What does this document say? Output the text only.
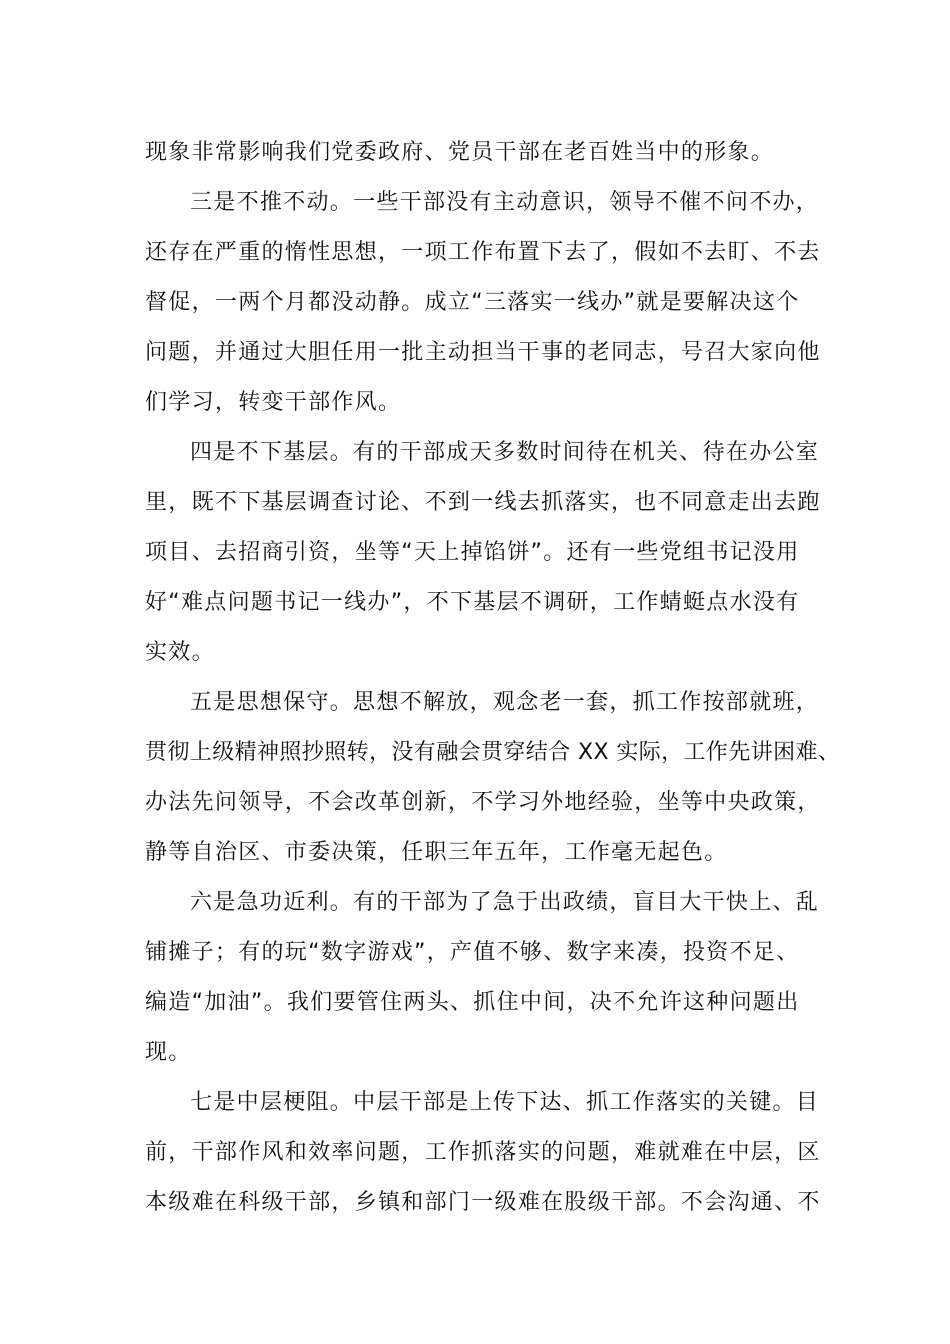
现象非常影响我们党委政府、党员干部在老百姓当中的形象。
三是不推不动。一些干部没有主动意识，领导不催不问不办，
还存在严重的惰性思想，一项工作布置下去了，假如不去盯、不去
督促，一两个月都没动静。成立“三落实一线办”就是要解决这个
问题，并通过大胆任用一批主动担当干事的老同志，号召大家向他
们学习，转变干部作风。
四是不下基层。有的干部成天多数时间待在机关、待在办公室
里，既不下基层调查讨论、不到一线去抓落实，也不同意走出去跑
项目、去招商引资，坐等“天上掉馅饼”。还有一些党组书记没用
好“难点问题书记一线办”，不下基层不调研，工作蜻蜓点水没有
实效。
五是思想保守。思想不解放，观念老一套，抓工作按部就班，
贯彻上级精神照抄照转，没有融会贯穿结合 XX 实际，工作先讲困难、
办法先问领导，不会改革创新，不学习外地经验，坐等中央政策，
静等自治区、市委决策，任职三年五年，工作毫无起色。
六是急功近利。有的干部为了急于出政绩，盲目大干快上、乱
铺摊子；有的玩“数字游戏”，产值不够、数字来凑，投资不足、
编造“加油”。我们要管住两头、抓住中间，决不允许这种问题出
现。
七是中层梗阻。中层干部是上传下达、抓工作落实的关键。目
前，干部作风和效率问题，工作抓落实的问题，难就难在中层，区
本级难在科级干部，乡镇和部门一级难在股级干部。不会沟通、不
